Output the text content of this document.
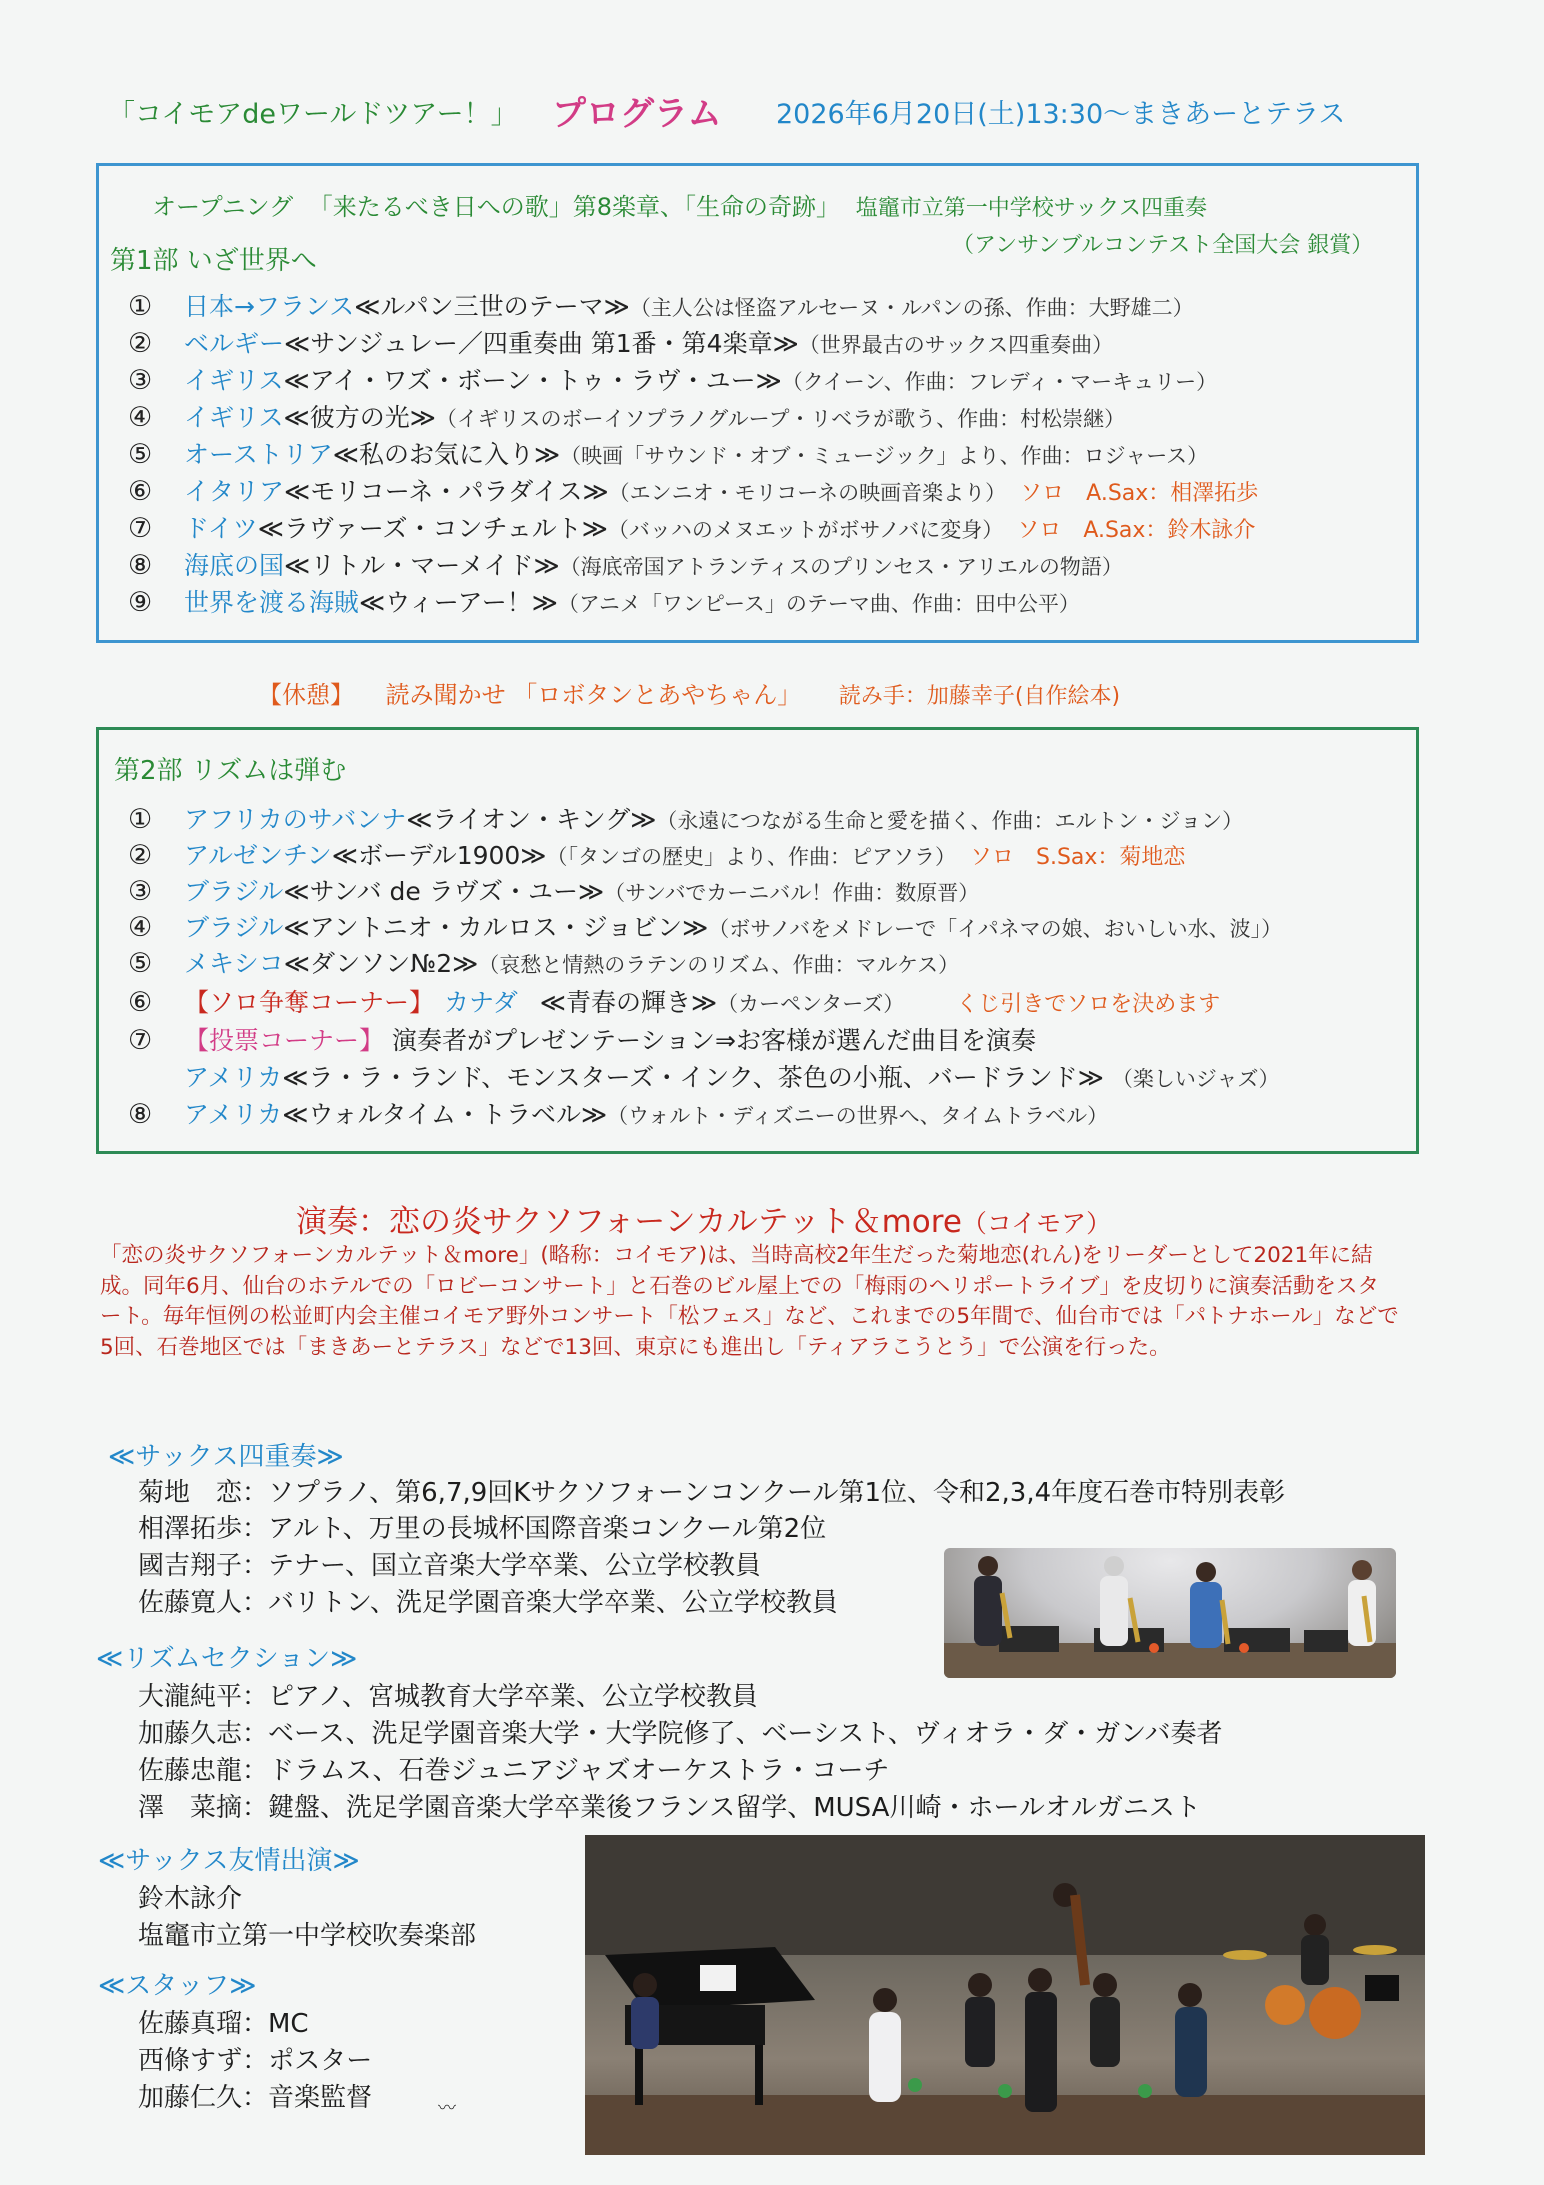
「コイモアdeワールドツアー！」 プログラム 2026年6月20日(土)13:30～まきあーとテラス
オープニング 「来たるべき日への歌」第8楽章、「生命の奇跡」 塩竈市立第一中学校サックス四重奏
（アンサンブルコンテスト全国大会 銀賞）
第1部 いざ世界へ
①	日本→フランス ≪ルパン三世のテーマ≫ （主人公は怪盗アルセーヌ・ルパンの孫、作曲：大野雄二）
②	ベルギー ≪サンジュレー／四重奏曲 第1番・第4楽章≫ （世界最古のサックス四重奏曲）
③	イギリス ≪アイ・ワズ・ボーン・トゥ・ラヴ・ユー≫ （クイーン、作曲：フレディ・マーキュリー）
④	イギリス ≪彼方の光≫ （イギリスのボーイソプラノグループ・リベラが歌う、作曲：村松崇継）
⑤	オーストリア ≪私のお気に入り≫ （映画「サウンド・オブ・ミュージック」より、作曲：ロジャース）
⑥	イタリア ≪モリコーネ・パラダイス≫ （エンニオ・モリコーネの映画音楽より） ソロ　A.Sax：相澤拓歩
⑦	ドイツ ≪ラヴァーズ・コンチェルト≫ （バッハのメヌエットがボサノバに変身） ソロ　A.Sax：鈴木詠介
⑧	海底の国 ≪リトル・マーメイド≫ （海底帝国アトランティスのプリンセス・アリエルの物語）
⑨	世界を渡る海賊 ≪ウィーアー！≫ （アニメ「ワンピース」のテーマ曲、作曲：田中公平）
【休憩】 読み聞かせ 「ロボタンとあやちゃん」 読み手：加藤幸子(自作絵本)
第2部 リズムは弾む
①	アフリカのサバンナ ≪ライオン・キング≫ （永遠につながる生命と愛を描く、作曲：エルトン・ジョン）
②	アルゼンチン ≪ボーデル1900≫ （「タンゴの歴史」より、作曲：ピアソラ） ソロ　S.Sax：菊地恋
③	ブラジル ≪サンバ de ラヴズ・ユー≫ （サンバでカーニバル！作曲：数原晋）
④	ブラジル ≪アントニオ・カルロス・ジョビン≫ （ボサノバをメドレーで「イパネマの娘、おいしい水、波」）
⑤	メキシコ ≪ダンソン№2≫ （哀愁と情熱のラテンのリズム、作曲：マルケス）
⑥	【ソロ争奪コーナー】 カナダ ≪青春の輝き≫ （カーペンターズ） くじ引きでソロを決めます
⑦	【投票コーナー】 演奏者がプレゼンテーション⇒お客様が選んだ曲目を演奏
アメリカ ≪ラ・ラ・ランド、モンスターズ・インク、茶色の小瓶、バードランド≫ （楽しいジャズ）
⑧	アメリカ ≪ウォルタイム・トラベル≫ （ウォルト・ディズニーの世界へ、タイムトラベル）
演奏：恋の炎サクソフォーンカルテット＆more（コイモア）
「恋の炎サクソフォーンカルテット＆more」(略称：コイモア)は、当時高校2年生だった菊地恋(れん)をリーダーとして2021年に結成。同年6月、仙台のホテルでの「ロビーコンサート」と石巻のビル屋上での「梅雨のヘリポートライブ」を皮切りに演奏活動をスタート。毎年恒例の松並町内会主催コイモア野外コンサート「松フェス」など、これまでの5年間で、仙台市では「パトナホール」などで5回、石巻地区では「まきあーとテラス」などで13回、東京にも進出し「ティアラこうとう」で公演を行った。
≪サックス四重奏≫
菊地　恋：ソプラノ、第6,7,9回Kサクソフォーンコンクール第1位、令和2,3,4年度石巻市特別表彰
相澤拓歩：アルト、万里の長城杯国際音楽コンクール第2位
國吉翔子：テナー、国立音楽大学卒業、公立学校教員
佐藤寛人：バリトン、洗足学園音楽大学卒業、公立学校教員
≪リズムセクション≫
大瀧純平：ピアノ、宮城教育大学卒業、公立学校教員
加藤久志：ベース、洗足学園音楽大学・大学院修了、ベーシスト、ヴィオラ・ダ・ガンバ奏者
佐藤忠龍：ドラムス、石巻ジュニアジャズオーケストラ・コーチ
澤　菜摘：鍵盤、洗足学園音楽大学卒業後フランス留学、MUSA川崎・ホールオルガニスト
≪サックス友情出演≫
鈴木詠介
塩竈市立第一中学校吹奏楽部
≪スタッフ≫
佐藤真瑠：MC
西條すず：ポスター
加藤仁久：音楽監督	〰
